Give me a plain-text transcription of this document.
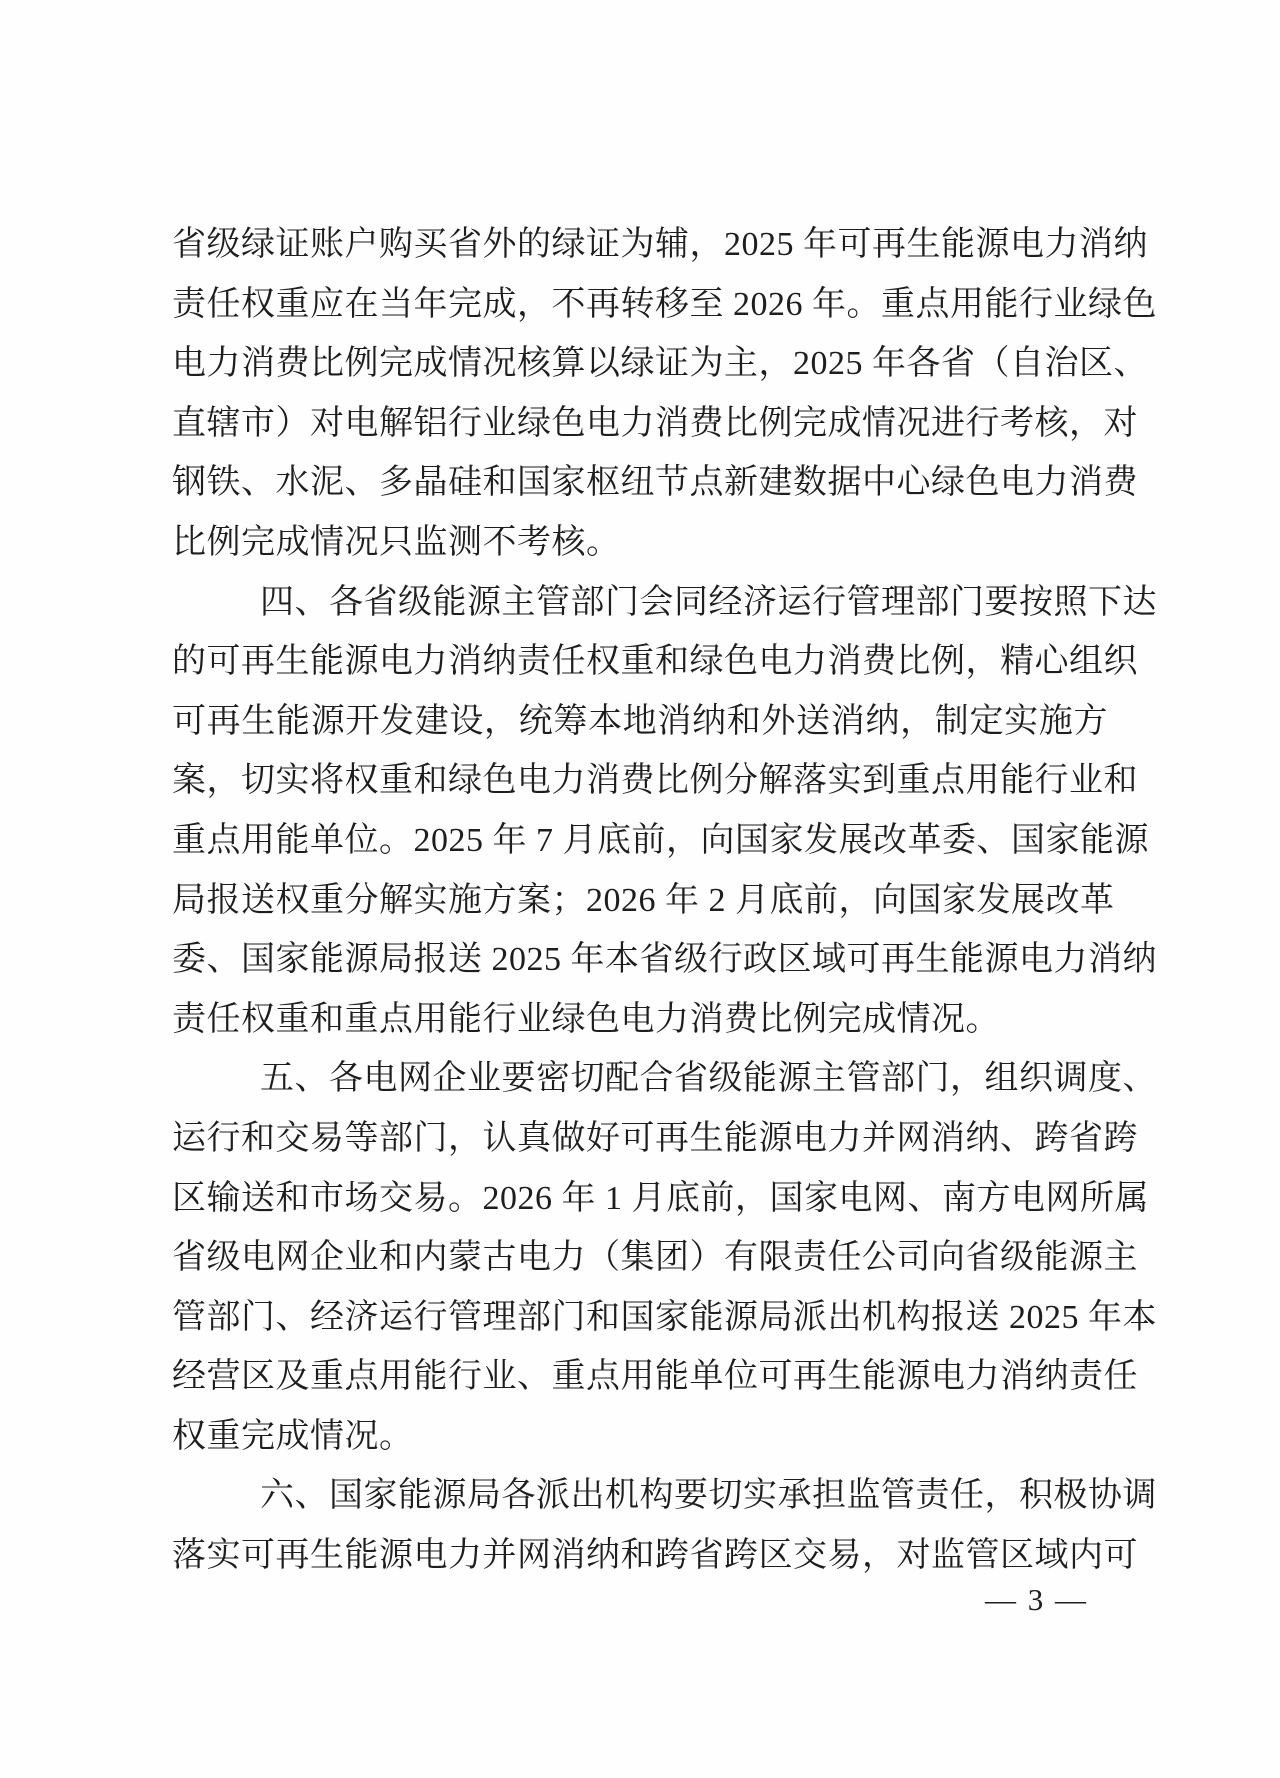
省级绿证账户购买省外的绿证为辅，2025 年可再生能源电力消纳
责任权重应在当年完成，不再转移至 2026 年。重点用能行业绿色
电力消费比例完成情况核算以绿证为主，2025 年各省（自治区、
直辖市）对电解铝行业绿色电力消费比例完成情况进行考核，对
钢铁、水泥、多晶硅和国家枢纽节点新建数据中心绿色电力消费
比例完成情况只监测不考核。
四、各省级能源主管部门会同经济运行管理部门要按照下达
的可再生能源电力消纳责任权重和绿色电力消费比例，精心组织
可再生能源开发建设，统筹本地消纳和外送消纳，制定实施方
案，切实将权重和绿色电力消费比例分解落实到重点用能行业和
重点用能单位。2025 年 7 月底前，向国家发展改革委、国家能源
局报送权重分解实施方案；2026 年 2 月底前，向国家发展改革
委、国家能源局报送 2025 年本省级行政区域可再生能源电力消纳
责任权重和重点用能行业绿色电力消费比例完成情况。
五、各电网企业要密切配合省级能源主管部门，组织调度、
运行和交易等部门，认真做好可再生能源电力并网消纳、跨省跨
区输送和市场交易。2026 年 1 月底前，国家电网、南方电网所属
省级电网企业和内蒙古电力（集团）有限责任公司向省级能源主
管部门、经济运行管理部门和国家能源局派出机构报送 2025 年本
经营区及重点用能行业、重点用能单位可再生能源电力消纳责任
权重完成情况。
六、国家能源局各派出机构要切实承担监管责任，积极协调
落实可再生能源电力并网消纳和跨省跨区交易，对监管区域内可
— 3 —
